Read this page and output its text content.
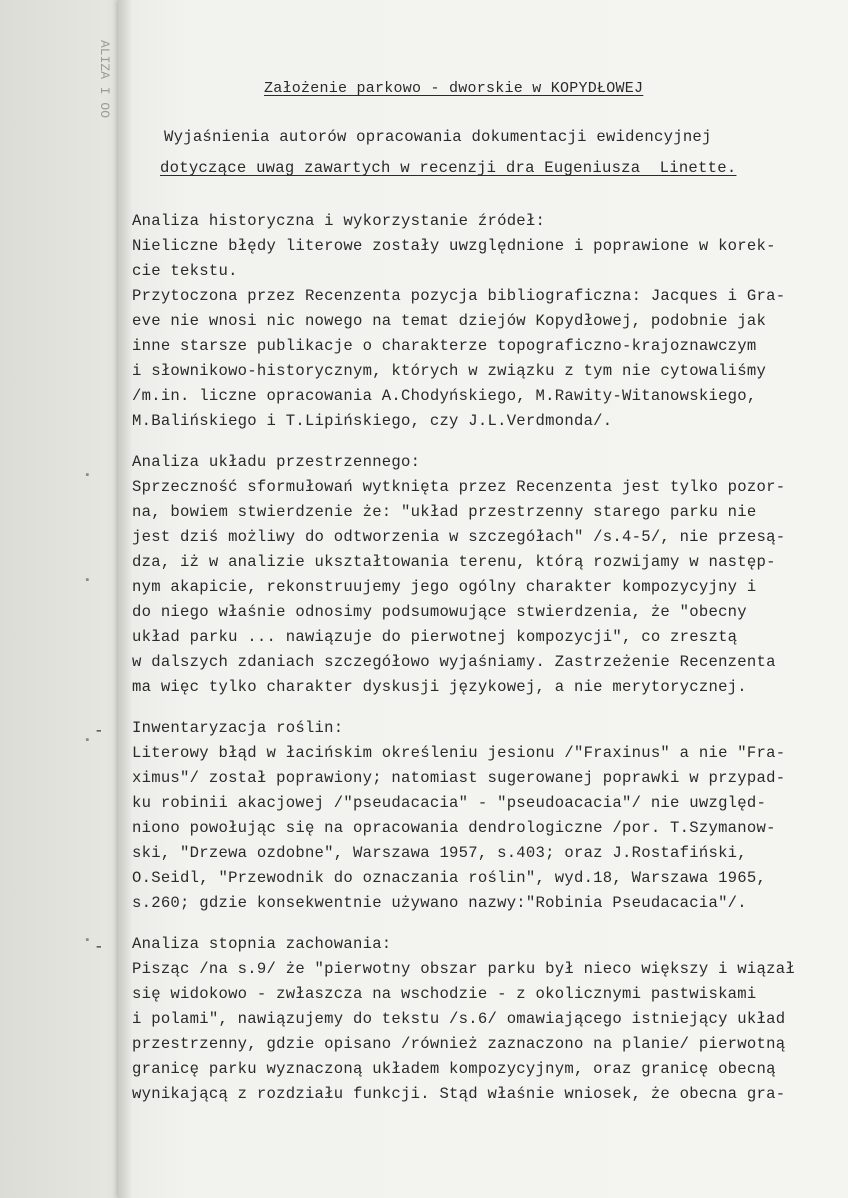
ALIZA I OO
▪
▪
▪
▪
Założenie parkowo - dworskie w KOPYDŁOWEJ
Wyjaśnienia autorów opracowania dokumentacji ewidencyjnej
dotyczące uwag zawartych w recenzji dra Eugeniusza  Linette.
Analiza historyczna i wykorzystanie źródeł:
Nieliczne błędy literowe zostały uwzględnione i poprawione w korek-
cie tekstu.
Przytoczona przez Recenzenta pozycja bibliograficzna: Jacques i Gra-
eve nie wnosi nic nowego na temat dziejów Kopydłowej, podobnie jak
inne starsze publikacje o charakterze topograficzno-krajoznawczym
i słownikowo-historycznym, których w związku z tym nie cytowaliśmy
/m.in. liczne opracowania A.Chodyńskiego, M.Rawity-Witanowskiego,
M.Balińskiego i T.Lipińskiego, czy J.L.Verdmonda/.
Analiza układu przestrzennego:
Sprzeczność sformułowań wytknięta przez Recenzenta jest tylko pozor-
na, bowiem stwierdzenie że: "układ przestrzenny starego parku nie
jest dziś możliwy do odtworzenia w szczegółach" /s.4-5/, nie przesą-
dza, iż w analizie ukształtowania terenu, którą rozwijamy w następ-
nym akapicie, rekonstruujemy jego ogólny charakter kompozycyjny i
do niego właśnie odnosimy podsumowujące stwierdzenia, że "obecny
układ parku ... nawiązuje do pierwotnej kompozycji", co zresztą
w dalszych zdaniach szczegółowo wyjaśniamy. Zastrzeżenie Recenzenta
ma więc tylko charakter dyskusji językowej, a nie merytorycznej.
- Inwentaryzacja roślin:
Literowy błąd w łacińskim określeniu jesionu /"Fraxinus" a nie "Fra-
ximus"/ został poprawiony; natomiast sugerowanej poprawki w przypad-
ku robinii akacjowej /"pseudacacia" - "pseudoacacia"/ nie uwzględ-
niono powołując się na opracowania dendrologiczne /por. T.Szymanow-
ski, "Drzewa ozdobne", Warszawa 1957, s.403; oraz J.Rostafiński,
O.Seidl, "Przewodnik do oznaczania roślin", wyd.18, Warszawa 1965,
s.260; gdzie konsekwentnie używano nazwy:"Robinia Pseudacacia"/.
- Analiza stopnia zachowania:
Pisząc /na s.9/ że "pierwotny obszar parku był nieco większy i wiązał
się widokowo - zwłaszcza na wschodzie - z okolicznymi pastwiskami
i polami", nawiązujemy do tekstu /s.6/ omawiającego istniejący układ
przestrzenny, gdzie opisano /również zaznaczono na planie/ pierwotną
granicę parku wyznaczoną układem kompozycyjnym, oraz granicę obecną
wynikającą z rozdziału funkcji. Stąd właśnie wniosek, że obecna gra-
